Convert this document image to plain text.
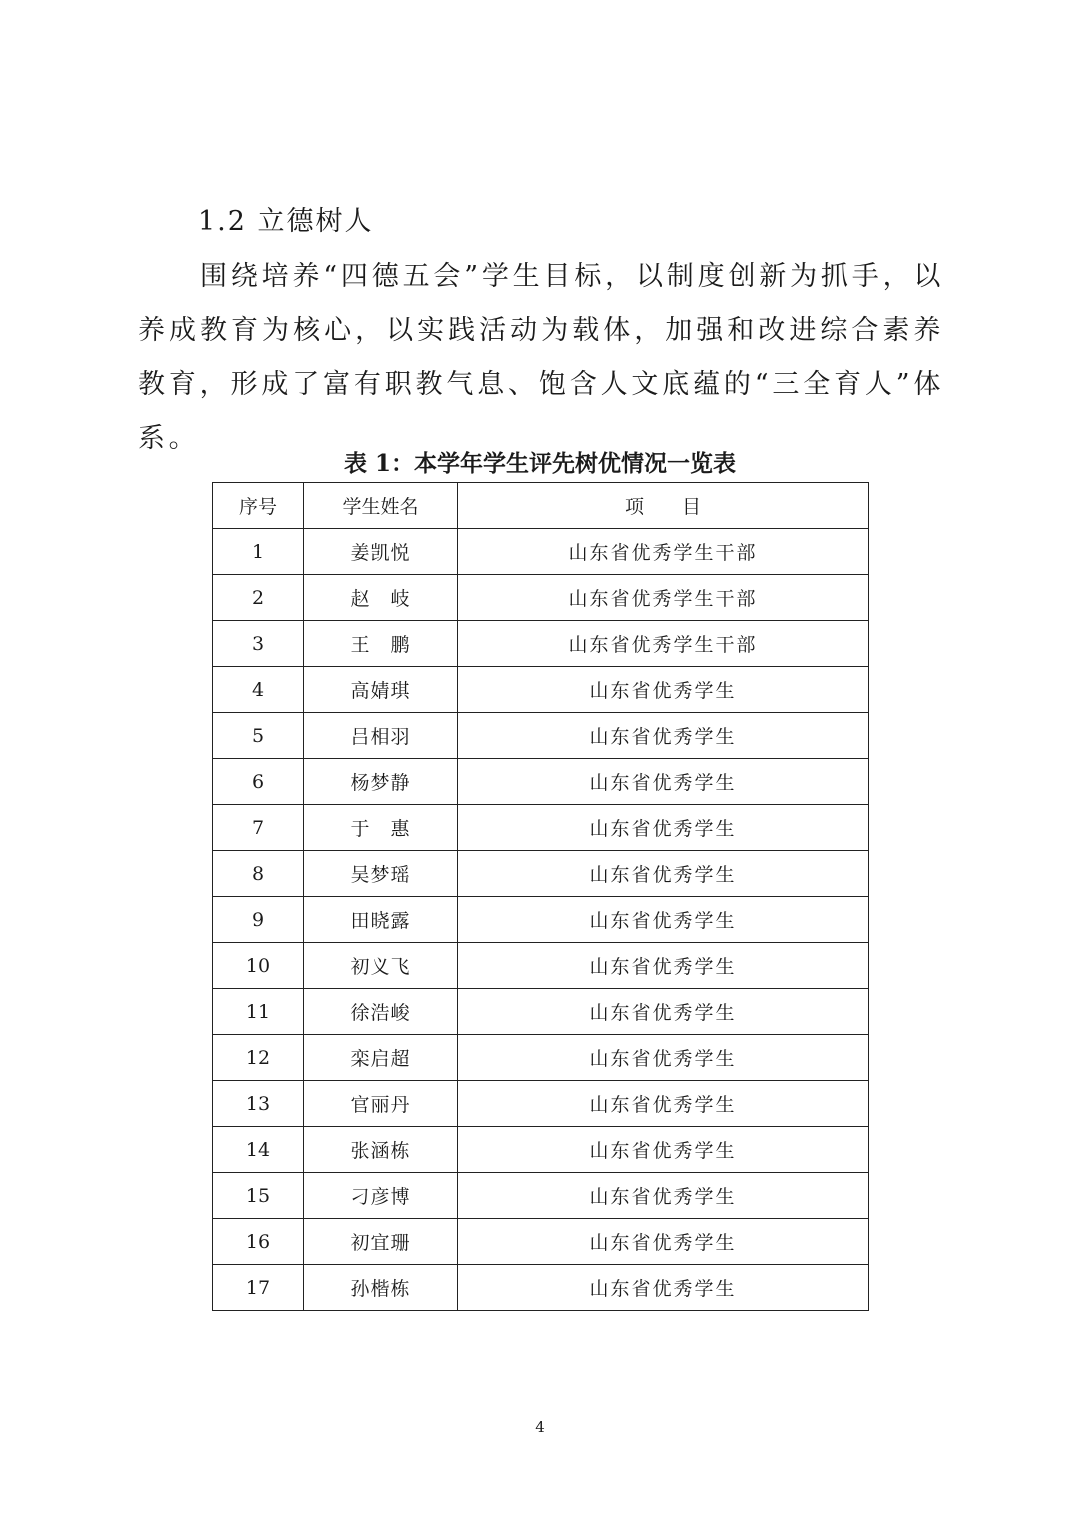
1.2 立德树人

围绕培养“四德五会”学生目标，以制度创新为抓手，以养成教育为核心，以实践活动为载体，加强和改进综合素养教育，形成了富有职教气息、饱含人文底蕴的“三全育人”体系。

表 1：本学年学生评先树优情况一览表

序号	学生姓名	项　　目
1	姜凯悦	山东省优秀学生干部
2	赵　岐	山东省优秀学生干部
3	王　鹏	山东省优秀学生干部
4	高婧琪	山东省优秀学生
5	吕相羽	山东省优秀学生
6	杨梦静	山东省优秀学生
7	于　惠	山东省优秀学生
8	吴梦瑶	山东省优秀学生
9	田晓露	山东省优秀学生
10	初义飞	山东省优秀学生
11	徐浩峻	山东省优秀学生
12	栾启超	山东省优秀学生
13	官丽丹	山东省优秀学生
14	张涵栋	山东省优秀学生
15	刁彦博	山东省优秀学生
16	初宜珊	山东省优秀学生
17	孙楷栋	山东省优秀学生

4
